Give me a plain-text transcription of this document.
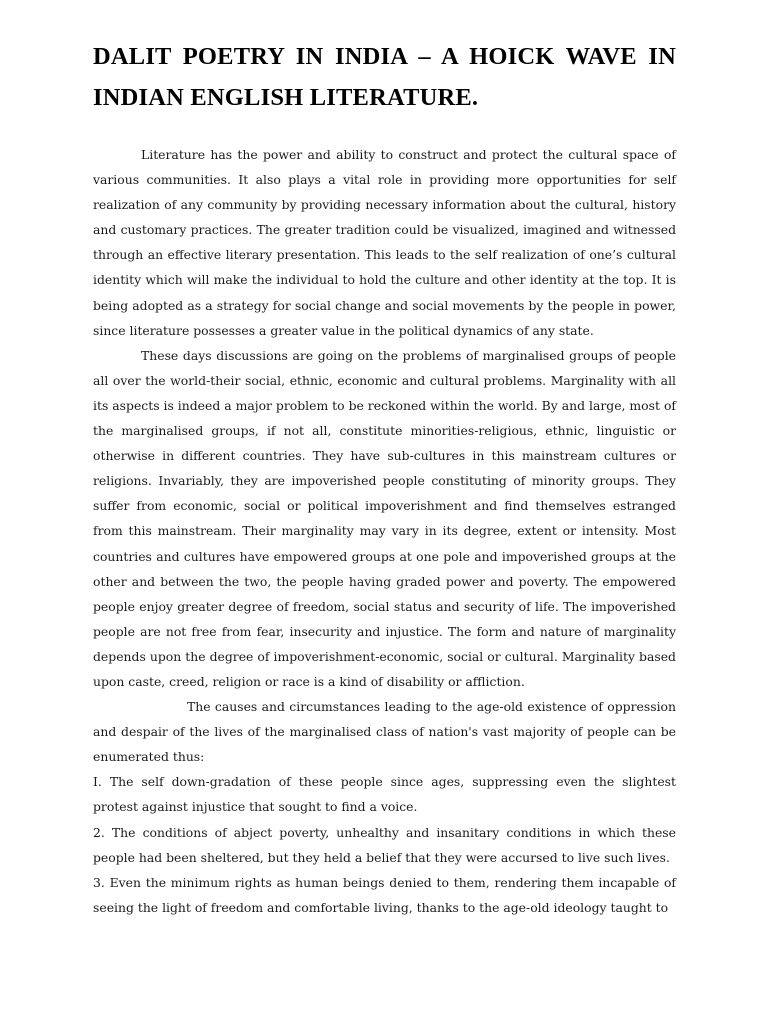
DALIT POETRY IN INDIA – A HOICK WAVE IN
INDIAN ENGLISH LITERATURE.

Literature has the power and ability to construct and protect the cultural space of various communities. It also plays a vital role in providing more opportunities for self realization of any community by providing necessary information about the cultural, history and customary practices. The greater tradition could be visualized, imagined and witnessed through an effective literary presentation. This leads to the self realization of one’s cultural identity which will make the individual to hold the culture and other identity at the top. It is being adopted as a strategy for social change and social movements by the people in power, since literature possesses a greater value in the political dynamics of any state.

These days discussions are going on the problems of marginalised groups of people all over the world-their social, ethnic, economic and cultural problems. Marginality with all its aspects is indeed a major problem to be reckoned within the world. By and large, most of the marginalised groups, if not all, constitute minorities-religious, ethnic, linguistic or otherwise in different countries. They have sub-cultures in this mainstream cultures or religions. Invariably, they are impoverished people constituting of minority groups. They suffer from economic, social or political impoverishment and find themselves estranged from this mainstream. Their marginality may vary in its degree, extent or intensity. Most countries and cultures have empowered groups at one pole and impoverished groups at the other and between the two, the people having graded power and poverty. The empowered people enjoy greater degree of freedom, social status and security of life. The impoverished people are not free from fear, insecurity and injustice. The form and nature of marginality depends upon the degree of impoverishment-economic, social or cultural. Marginality based upon caste, creed, religion or race is a kind of disability or affliction.

The causes and circumstances leading to the age-old existence of oppression and despair of the lives of the marginalised class of nation's vast majority of people can be enumerated thus:

I. The self down-gradation of these people since ages, suppressing even the slightest protest against injustice that sought to find a voice.

2. The conditions of abject poverty, unhealthy and insanitary conditions in which these people had been sheltered, but they held a belief that they were accursed to live such lives.

3. Even the minimum rights as human beings denied to them, rendering them incapable of seeing the light of freedom and comfortable living, thanks to the age-old ideology taught to
